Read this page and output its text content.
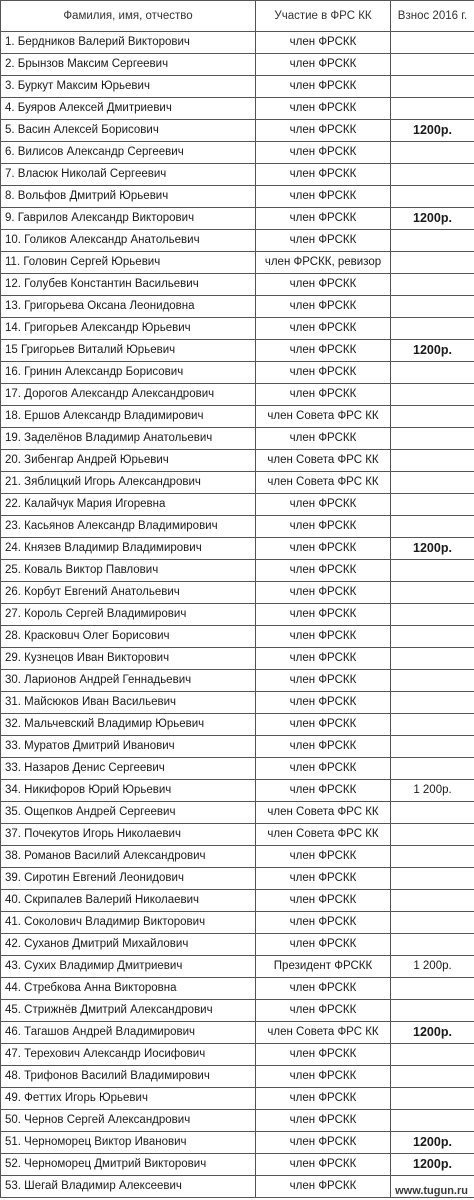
Фамилия, имя, отчество	Участие в ФРС КК	Взнос 2016 г.
1. Бердников Валерий Викторович	член ФРСКК	
2. Брынзов Максим Сергеевич	член ФРСКК	
3. Буркут Максим Юрьевич	член ФРСКК	
4. Буяров Алексей Дмитриевич	член ФРСКК	
5. Васин Алексей Борисович	член ФРСКК	1200р.
6. Вилисов Александр Сергеевич	член ФРСКК	
7. Власюк Николай Сергеевич	член ФРСКК	
8. Вольфов Дмитрий Юрьевич	член ФРСКК	
9. Гаврилов Александр Викторович	член ФРСКК	1200р.
10. Голиков Александр Анатольевич	член ФРСКК	
11. Головин Сергей Юрьевич	член ФРСКК, ревизор	
12. Голубев Константин Васильевич	член ФРСКК	
13. Григорьева Оксана Леонидовна	член ФРСКК	
14. Григорьев Александр Юрьевич	член ФРСКК	
15 Григорьев Виталий Юрьевич	член ФРСКК	1200р.
16. Гринин Александр Борисович	член ФРСКК	
17. Дорогов Александр Александрович	член ФРСКК	
18. Ершов Александр Владимирович	член Совета ФРС КК	
19. Заделёнов Владимир Анатольевич	член ФРСКК	
20. Зибенгар Андрей Юрьевич	член Совета ФРС КК	
21. Зяблицкий Игорь Александрович	член Совета ФРС КК	
22. Калайчук Мария Игоревна	член ФРСКК	
23. Касьянов Александр Владимирович	член ФРСКК	
24. Князев Владимир Владимирович	член ФРСКК	1200р.
25. Коваль Виктор Павлович	член ФРСКК	
26. Корбут Евгений Анатольевич	член ФРСКК	
27. Король Сергей Владимирович	член ФРСКК	
28. Красковuч Олег Борисович	член ФРСКК	
29. Кузнецов Иван Викторович	член ФРСКК	
30. Ларионов Андрей Геннадьевич	член ФРСКК	
31. Майсюков Иван Васильевич	член ФРСКК	
32. Мальчевский Владимир Юрьевич	член ФРСКК	
33. Муратов Дмитрий Иванович	член ФРСКК	
33. Назаров Денис Сергеевич	член ФРСКК	
34. Никифоров Юрий Юрьевич	член ФРСКК	1 200р.
35. Ощепков Андрей Сергеевич	член Совета ФРС КК	
37. Почекутов Игорь Николаевич	член Совета ФРС КК	
38. Романов Василий Александрович	член ФРСКК	
39. Сиротин Евгений Леонидович	член ФРСКК	
40. Скрипалев Валерий Николаевич	член ФРСКК	
41. Соколович Владимир Викторович	член ФРСКК	
42. Суханов Дмитрий Михайлович	член ФРСКК	
43. Сухих Владимир Дмитриевич	Президент ФРСКК	1 200р.
44. Стребкова Анна Викторовна	член ФРСКК	
45. Стрижнёв Дмитрий Александрович	член ФРСКК	
46. Тагашов Андрей Владимирович	член Совета ФРС КК	1200р.
47. Терехович Александр Иосифович	член ФРСКК	
48. Трифонов Василий Владимирович	член ФРСКК	
49. Феттих Игорь Юрьевич	член ФРСКК	
50. Чернов Сергей Александрович	член ФРСКК	
51. Черноморец Виктор Иванович	член ФРСКК	1200р.
52. Черноморец Дмитрий Викторович	член ФРСКК	1200р.
53. Шегай Владимир Алексеевич	член ФРСКК		www.tugun.ru
